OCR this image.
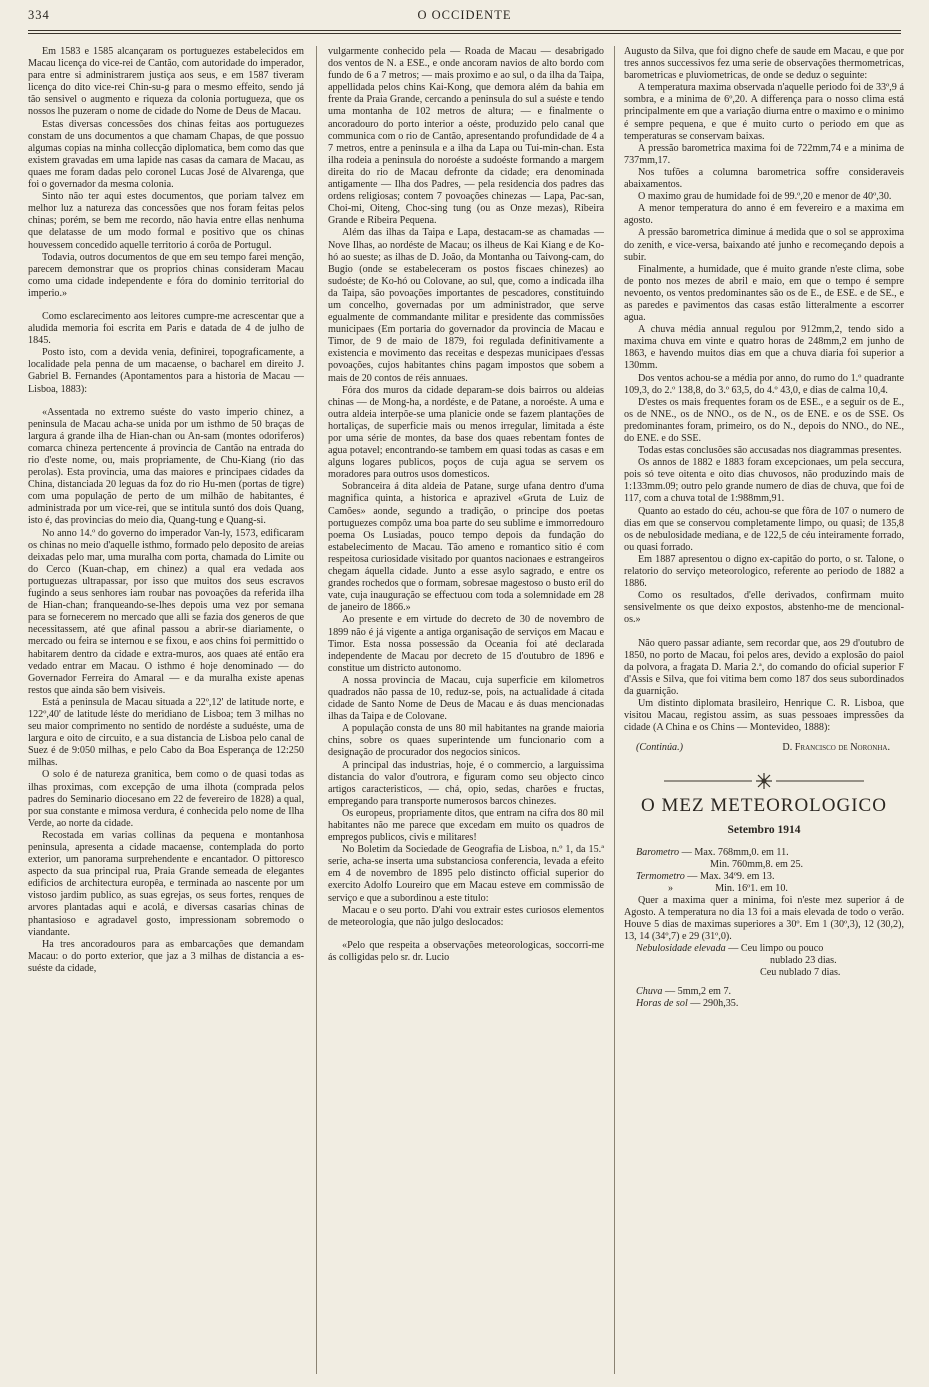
334	O OCCIDENTE

Em 1583 e 1585 alcançaram os portuguezes estabelecidos em Macau licença do vice-rei de Cantão, com autoridade do imperador, para entre si administrarem justiça aos seus, e em 1587 tiveram licença do dito vice-rei Chin-su-g para o mesmo effeito, sendo já tão sensivel o augmento e riqueza da colonia portugueza, que os nossos lhe puzeram o nome de cidade do Nome de Deus de Macau.

Estas diversas concessões dos chinas feitas aos portuguezes constam de uns documentos a que chamam Chapas, de que possuo algumas copias na minha collecção diplomatica, bem como das que existem gravadas em uma lapide nas casas da camara de Macau, as quaes me foram dadas pelo coronel Lucas José de Alvarenga, que foi o governador da mesma colonia.

Sinto não ter aqui estes documentos, que poriam talvez em melhor luz a natureza das concessões que nos foram feitas pelos chinas; porém, se bem me recordo, não havia entre ellas nenhuma que delatasse de um modo formal e positivo que os chinas houvessem concedido aquelle territorio á corôa de Portugul.

Todavia, outros documentos de que em seu tempo farei menção, parecem demonstrar que os proprios chinas consideram Macau como uma cidade independente e fóra do dominio territorial do imperio.»

Como esclarecimento aos leitores cumpre-me acrescentar que a aludida memoria foi escrita em Paris e datada de 4 de julho de 1845.

Posto isto, com a devida venia, definirei, topograficamente, a localidade pela penna de um macaense, o bacharel em direito J. Gabriel B. Fernandes (Apontamentos para a historia de Macau — Lisboa, 1883):

«Assentada no extremo suéste do vasto imperio chinez, a peninsula de Macau acha-se unida por um isthmo de 50 braças de largura á grande ilha de Hian-chan ou An-sam (montes odoriferos) comarca chineza pertencente á provincia de Cantão na entrada do rio d'este nome, ou, mais propriamente, de Chu-Kiang (rio das perolas). Esta provincia, uma das maiores e principaes cidades da China, distanciada 20 leguas da foz do rio Hu-men (portas de tigre) com uma população de perto de um milhão de habitantes, é administrada por um vice-rei, que se intitula suntó dos dois Quang, isto é, das provincias do meio dia, Quang-tung e Quang-si.

No anno 14.º do governo do imperador Van-ly, 1573, edificaram os chinas no meio d'aquelle isthmo, formado pelo deposito de areias deixadas pelo mar, uma muralha com porta, chamada do Limite ou do Cerco (Kuan-chap, em chinez) a qual era vedada aos portuguezas ultrapassar, por isso que muitos dos seus escravos fugindo a seus senhores iam roubar nas povoações da referida ilha de Hian-chan; franqueando-se-lhes depois uma vez por semana para se fornecerem no mercado que alli se fazia dos generos de que necessitassem, até que afinal passou a abrir-se diariamente, o mercado ou feira se internou e se fixou, e aos chins foi permittido o habitarem dentro da cidade e extra-muros, aos quaes até então era vedado entrar em Macau. O isthmo é hoje denominado — do Governador Ferreira do Amaral — e da muralha existe apenas restos que ainda são bem visiveis.

Está a peninsula de Macau situada a 22º,12' de latitude norte, e 122º,40' de latitude léste do meridiano de Lisboa; tem 3 milhas no seu maior comprimento no sentido de nordéste a suduéste, uma de largura e oito de circuito, e a sua distancia de Lisboa pelo canal de Suez é de 9:050 milhas, e pelo Cabo da Boa Esperança de 12:250 milhas.

O solo é de natureza granitica, bem como o de quasi todas as ilhas proximas, com excepção de uma ilhota (comprada pelos padres do Seminario diocesano em 22 de fevereiro de 1828) a qual, por sua constante e mimosa verdura, é conhecida pelo nome de Ilha Verde, ao norte da cidade.

Recostada em varias collinas da pequena e montanhosa peninsula, apresenta a cidade macaense, contemplada do porto exterior, um panorama surprehendente e encantador. O pittoresco aspecto da sua principal rua, Praia Grande semeada de elegantes edificios de architectura europêa, e terminada ao nascente por um vistoso jardim publico, as suas egrejas, os seus fortes, renques de arvores plantadas aqui e acolá, e diversas casarias chinas de phantasioso e agradavel gosto, impressionam sobremodo o viandante.

Ha tres ancoradouros para as embarcações que demandam Macau: o do porto exterior, que jaz a 3 milhas de distancia a es-suéste da cidade,

vulgarmente conhecido pela — Roada de Macau — desabrigado dos ventos de N. a ESE., e onde ancoram navios de alto bordo com fundo de 6 a 7 metros; — mais proximo e ao sul, o da ilha da Taipa, appellidada pelos chins Kai-Kong, que demora além da bahia em frente da Praia Grande, cercando a peninsula do sul a suéste e tendo uma montanha de 102 metros de altura; — e finalmente o ancoradouro do porto interior a oéste, produzido pelo canal que communica com o rio de Cantão, apresentando profundidade de 4 a 7 metros, entre a peninsula e a ilha da Lapa ou Tui-min-chan. Esta ilha rodeia a peninsula do noroéste a sudoéste formando a margem direita do rio de Macau defronte da cidade; era denominada antigamente — Ilha dos Padres, — pela residencia dos padres das ordens religiosas; contem 7 povoações chinezas — Lapa, Pac-san, Choi-mi, Oiteng, Choc-sing tung (ou as Onze mezas), Ribeira Grande e Ribeira Pequena.

Além das ilhas da Taipa e Lapa, destacam-se as chamadas — Nove Ilhas, ao nordéste de Macau; os ilheus de Kai Kiang e de Ko-hó ao sueste; as ilhas de D. João, da Montanha ou Taivong-cam, do Bugio (onde se estabeleceram os postos fiscaes chinezes) ao sudoéste; de Ko-hó ou Colovane, ao sul, que, como a indicada ilha da Taipa, são povoações importantes de pescadores, constituindo um concelho, governadas por um administrador, que serve egualmente de commandante militar e presidente das commissões municipaes (Em portaria do governador da provincia de Macau e Timor, de 9 de maio de 1879, foi regulada definitivamente a existencia e movimento das receitas e despezas municipaes d'essas povoações, cujos habitantes chins pagam impostos que sobem a mais de 20 contos de réis annuaes.

Fóra dos muros da cidade deparam-se dois bairros ou aldeias chinas — de Mong-ha, a nordéste, e de Patane, a noroéste. A uma e outra aldeia interpõe-se uma planicie onde se fazem plantações de hortaliças, de superficie mais ou menos irregular, limitada a éste por uma série de montes, da base dos quaes rebentam fontes de agua potavel; encontrando-se tambem em quasi todas as casas e em alguns logares publicos, poços de cuja agua se servem os moradores para outros usos domesticos.

Sobranceira á dita aldeia de Patane, surge ufana dentro d'uma magnifica quinta, a historica e aprazivel «Gruta de Luiz de Camões» aonde, segundo a tradição, o principe dos poetas portuguezes compôz uma boa parte do seu sublime e immorredouro poema Os Lusiadas, pouco tempo depois da fundação do estabelecimento de Macau. Tão ameno e romantico sitio é com respeitosa curiosidade visitado por quantos nacionaes e estrangeiros chegam áquella cidade. Junto a esse asylo sagrado, e entre os grandes rochedos que o formam, sobresae magestoso o busto eril do vate, cuja inauguração se effectuou com toda a solemnidade em 28 de janeiro de 1866.»

Ao presente e em virtude do decreto de 30 de novembro de 1899 não é já vigente a antiga organisação de serviços em Macau e Timor. Esta nossa possessão da Oceania foi até declarada independente de Macau por decreto de 15 d'outubro de 1896 e constitue um districto autonomo.

A nossa provincia de Macau, cuja superficie em kilometros quadrados não passa de 10, reduz-se, pois, na actualidade á citada cidade de Santo Nome de Deus de Macau e ás duas mencionadas ilhas da Taipa e de Colovane.

A população consta de uns 80 mil habitantes na grande maioria chins, sobre os quaes superintende um funcionario com a designação de procurador dos negocios sinicos.

A principal das industrias, hoje, é o commercio, a larguissima distancia do valor d'outrora, e figuram como seu objecto cinco artigos caracteristicos, — chá, opio, sedas, charões e fructas, empregando para transporte numerosos barcos chinezes.

Os europeus, propriamente ditos, que entram na cifra dos 80 mil habitantes não me parece que excedam em muito os quadros de empregos publicos, civis e militares!

No Boletim da Sociedade de Geografia de Lisboa, n.º 1, da 15.ª serie, acha-se inserta uma substanciosa conferencia, levada a efeito em 4 de novembro de 1895 pelo distincto official superior do exercito Adolfo Loureiro que em Macau esteve em commissão de serviço e que a subordinou a este titulo:

Macau e o seu porto. D'ahi vou extrair estes curiosos elementos de meteorologia, que não julgo deslocados:

«Pelo que respeita a observações meteorologicas, soccorri-me ás colligidas pelo sr. dr. Lucio

Augusto da Silva, que foi digno chefe de saude em Macau, e que por tres annos successivos fez uma serie de observações thermometricas, barometricas e pluviometricas, de onde se deduz o seguinte:

A temperatura maxima observada n'aquelle periodo foi de 33º,9 á sombra, e a minima de 6º,20. A differença para o nosso clima está principalmente em que a variação diurna entre o maximo e o minimo é sempre pequena, e que é muito curto o periodo em que as temperaturas se conservam baixas.

A pressão barometrica maxima foi de 722mm,74 e a minima de 737mm,17.

Nos tufões a columna barometrica soffre consideraveis abaixamentos.

O maximo grau de humidade foi de 99.º,20 e menor de 40º,30.

A menor temperatura do anno é em fevereiro e a maxima em agosto.

A pressão barometrica diminue á medida que o sol se approxima do zenith, e vice-versa, baixando até junho e recomeçando depois a subir.

Finalmente, a humidade, que é muito grande n'este clima, sobe de ponto nos mezes de abril e maio, em que o tempo é sempre nevoento, os ventos predominantes são os de E., de ESE. e de SE., e as paredes e pavimentos das casas estão litteralmente a escorrer agua.

A chuva média annual regulou por 912mm,2, tendo sido a maxima chuva em vinte e quatro horas de 248mm,2 em junho de 1863, e havendo muitos dias em que a chuva diaria foi superior a 130mm.

Dos ventos achou-se a média por anno, do rumo do 1.º quadrante 109,3, do 2.º 138,8, do 3.º 63,5, do 4.º 43,0, e dias de calma 10,4.

D'estes os mais frequentes foram os de ESE., e a seguir os de E., os de NNE., os de NNO., os de N., os de ENE. e os de SSE. Os predominantes foram, primeiro, os do N., depois do NNO., do NE., do ENE. e do SSE.

Todas estas conclusões são accusadas nos diagrammas presentes.

Os annos de 1882 e 1883 foram excepcionaes, um pela seccura, pois só teve oitenta e oito dias chuvosos, não produzindo mais de 1:133mm.09; outro pelo grande numero de dias de chuva, que foi de 117, com a chuva total de 1:988mm,91.

Quanto ao estado do céu, achou-se que fôra de 107 o numero de dias em que se conservou completamente limpo, ou quasi; de 135,8 os de nebulosidade mediana, e de 122,5 de céu inteiramente forrado, ou quasi forrado.

Em 1887 apresentou o digno ex-capitão do porto, o sr. Talone, o relatorio do serviço meteorologico, referente ao periodo de 1882 a 1886.

Como os resultados, d'elle derivados, confirmam muito sensivelmente os que deixo expostos, abstenho-me de mencional-os.»

Não quero passar adiante, sem recordar que, aos 29 d'outubro de 1850, no porto de Macau, foi pelos ares, devido a explosão do paiol da polvora, a fragata D. Maria 2.ª, do comando do oficial superior F d'Assis e Silva, que foi vitima bem como 187 dos seus subordinados da guarnição.

Um distinto diplomata brasileiro, Henrique C. R. Lisboa, que visitou Macau, registou assim, as suas pessoaes impressões da cidade (A China e os Chins — Montevideo, 1888):

(Continúa.)	D. Francisco de Noronha.
O MEZ METEOROLOGICO
Setembro 1914

Barometro — Max. 768mm,0. em 11.

Min. 760mm,8. em 25.

Termometro — Max. 34º9. em 13.

»	Min. 16º1. em 10.

Quer a maxima quer a minima, foi n'este mez superior á de Agosto. A temperatura no dia 13 foi a mais elevada de todo o verão. Houve 5 dias de maximas superiores a 30º. Em 1 (30º,3), 12 (30,2), 13, 14 (34º,7) e 29 (31º,0).

Nebulosidade elevada — Ceu limpo ou pouco

nublado 23 dias.

Ceu nublado 7 dias.

Chuva — 5mm,2 em 7.

Horas de sol — 290h,35.
